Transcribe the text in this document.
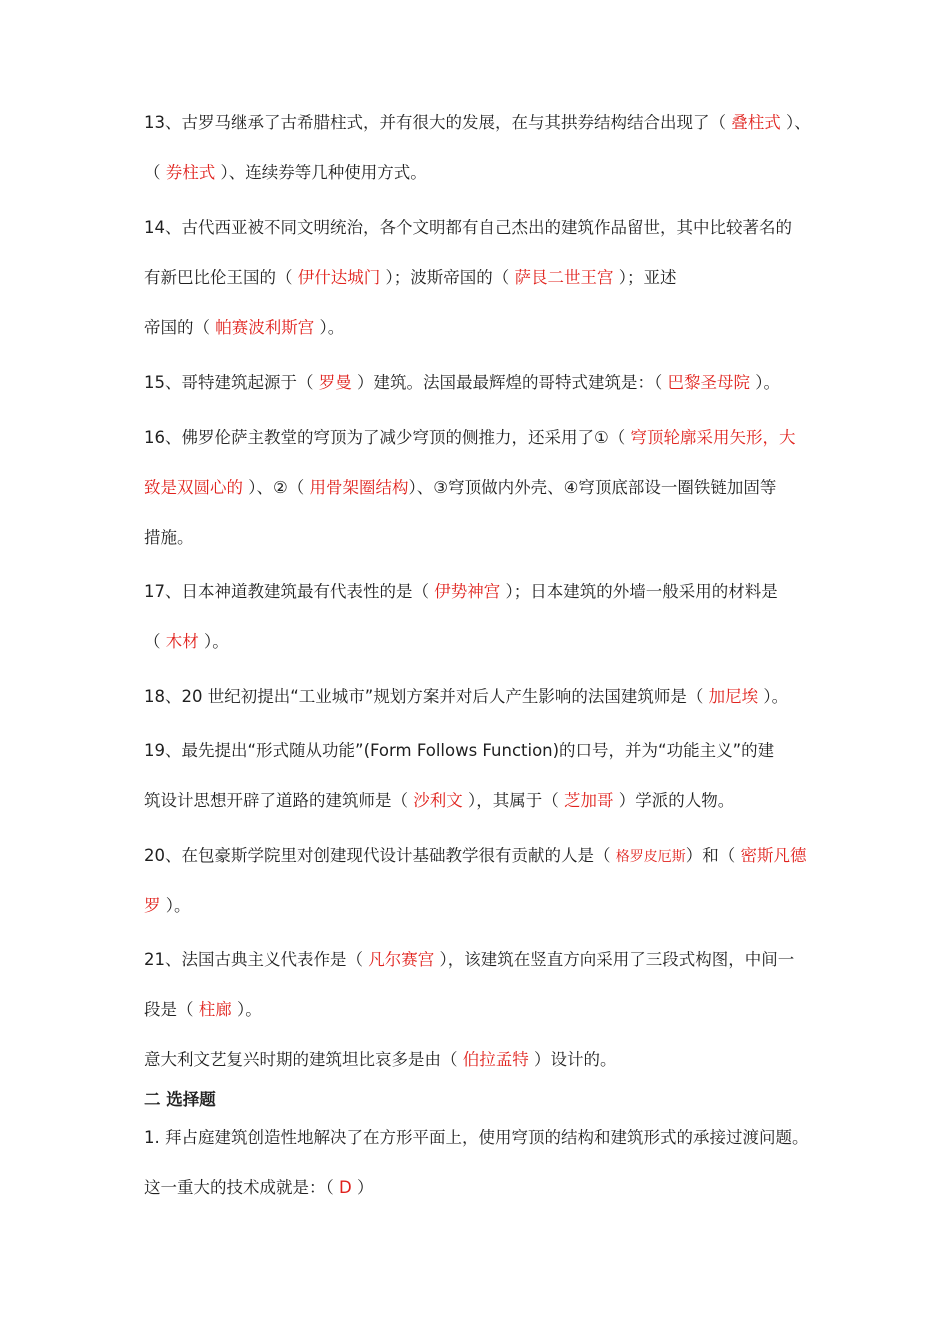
13、古罗马继承了古希腊柱式，并有很大的发展，在与其拱券结构结合出现了（ 叠柱式 ）、
（ 券柱式 ）、连续券等几种使用方式。
14、古代西亚被不同文明统治，各个文明都有自己杰出的建筑作品留世，其中比较著名的
有新巴比伦王国的（ 伊什达城门 ）；波斯帝国的（ 萨艮二世王宫 ）；亚述
帝国的（ 帕赛波利斯宫 ）。
15、哥特建筑起源于（ 罗曼 ）建筑。法国最最辉煌的哥特式建筑是：（ 巴黎圣母院 ）。
16、佛罗伦萨主教堂的穹顶为了减少穹顶的侧推力，还采用了①（ 穹顶轮廓采用矢形，大
致是双圆心的 ）、②（ 用骨架圈结构）、③穹顶做内外壳、④穹顶底部设一圈铁链加固等
措施。
17、日本神道教建筑最有代表性的是（ 伊势神宫 ）；日本建筑的外墙一般采用的材料是
（ 木材 ）。
18、20 世纪初提出“工业城市”规划方案并对后人产生影响的法国建筑师是（ 加尼埃 ）。
19、最先提出“形式随从功能”(Form Follows Function)的口号，并为“功能主义”的建
筑设计思想开辟了道路的建筑师是（ 沙利文 ），其属于（ 芝加哥 ）学派的人物。
20、在包豪斯学院里对创建现代设计基础教学很有贡献的人是（ 格罗皮厄斯）和（ 密斯凡德
罗 ）。
21、法国古典主义代表作是（ 凡尔赛宫 ），该建筑在竖直方向采用了三段式构图，中间一
段是（ 柱廊 ）。
意大利文艺复兴时期的建筑坦比哀多是由（ 伯拉孟特 ）设计的。
二 选择题
1. 拜占庭建筑创造性地解决了在方形平面上，使用穹顶的结构和建筑形式的承接过渡问题。
这一重大的技术成就是：（ D ）
